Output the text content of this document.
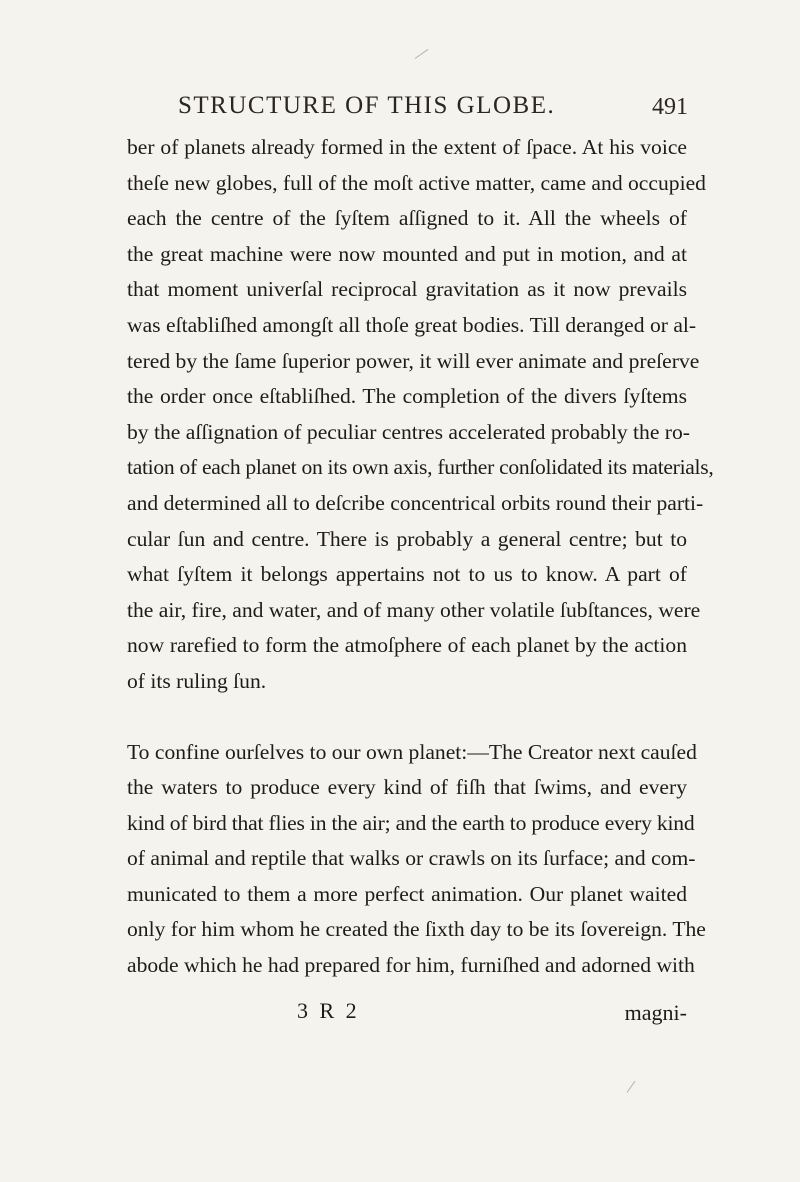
STRUCTURE OF THIS GLOBE.	491
ber of planets already formed in the extent of ſpace. At his voice
theſe new globes, full of the moſt active matter, came and occupied
each the centre of the ſyſtem aſſigned to it. All the wheels of
the great machine were now mounted and put in motion, and at
that moment univerſal reciprocal gravitation as it now prevails
was eſtabliſhed amongſt all thoſe great bodies. Till deranged or al-
tered by the ſame ſuperior power, it will ever animate and preſerve
the order once eſtabliſhed. The completion of the divers ſyſtems
by the aſſignation of peculiar centres accelerated probably the ro-
tation of each planet on its own axis, further conſolidated its materials,
and determined all to deſcribe concentrical orbits round their parti-
cular ſun and centre. There is probably a general centre; but to
what ſyſtem it belongs appertains not to us to know. A part of
the air, fire, and water, and of many other volatile ſubſtances, were
now rarefied to form the atmoſphere of each planet by the action
of its ruling ſun.
To confine ourſelves to our own planet:—The Creator next cauſed
the waters to produce every kind of fiſh that ſwims, and every
kind of bird that flies in the air; and the earth to produce every kind
of animal and reptile that walks or crawls on its ſurface; and com-
municated to them a more perfect animation. Our planet waited
only for him whom he created the ſixth day to be its ſovereign. The
abode which he had prepared for him, furniſhed and adorned with
3 R 2	magni-
